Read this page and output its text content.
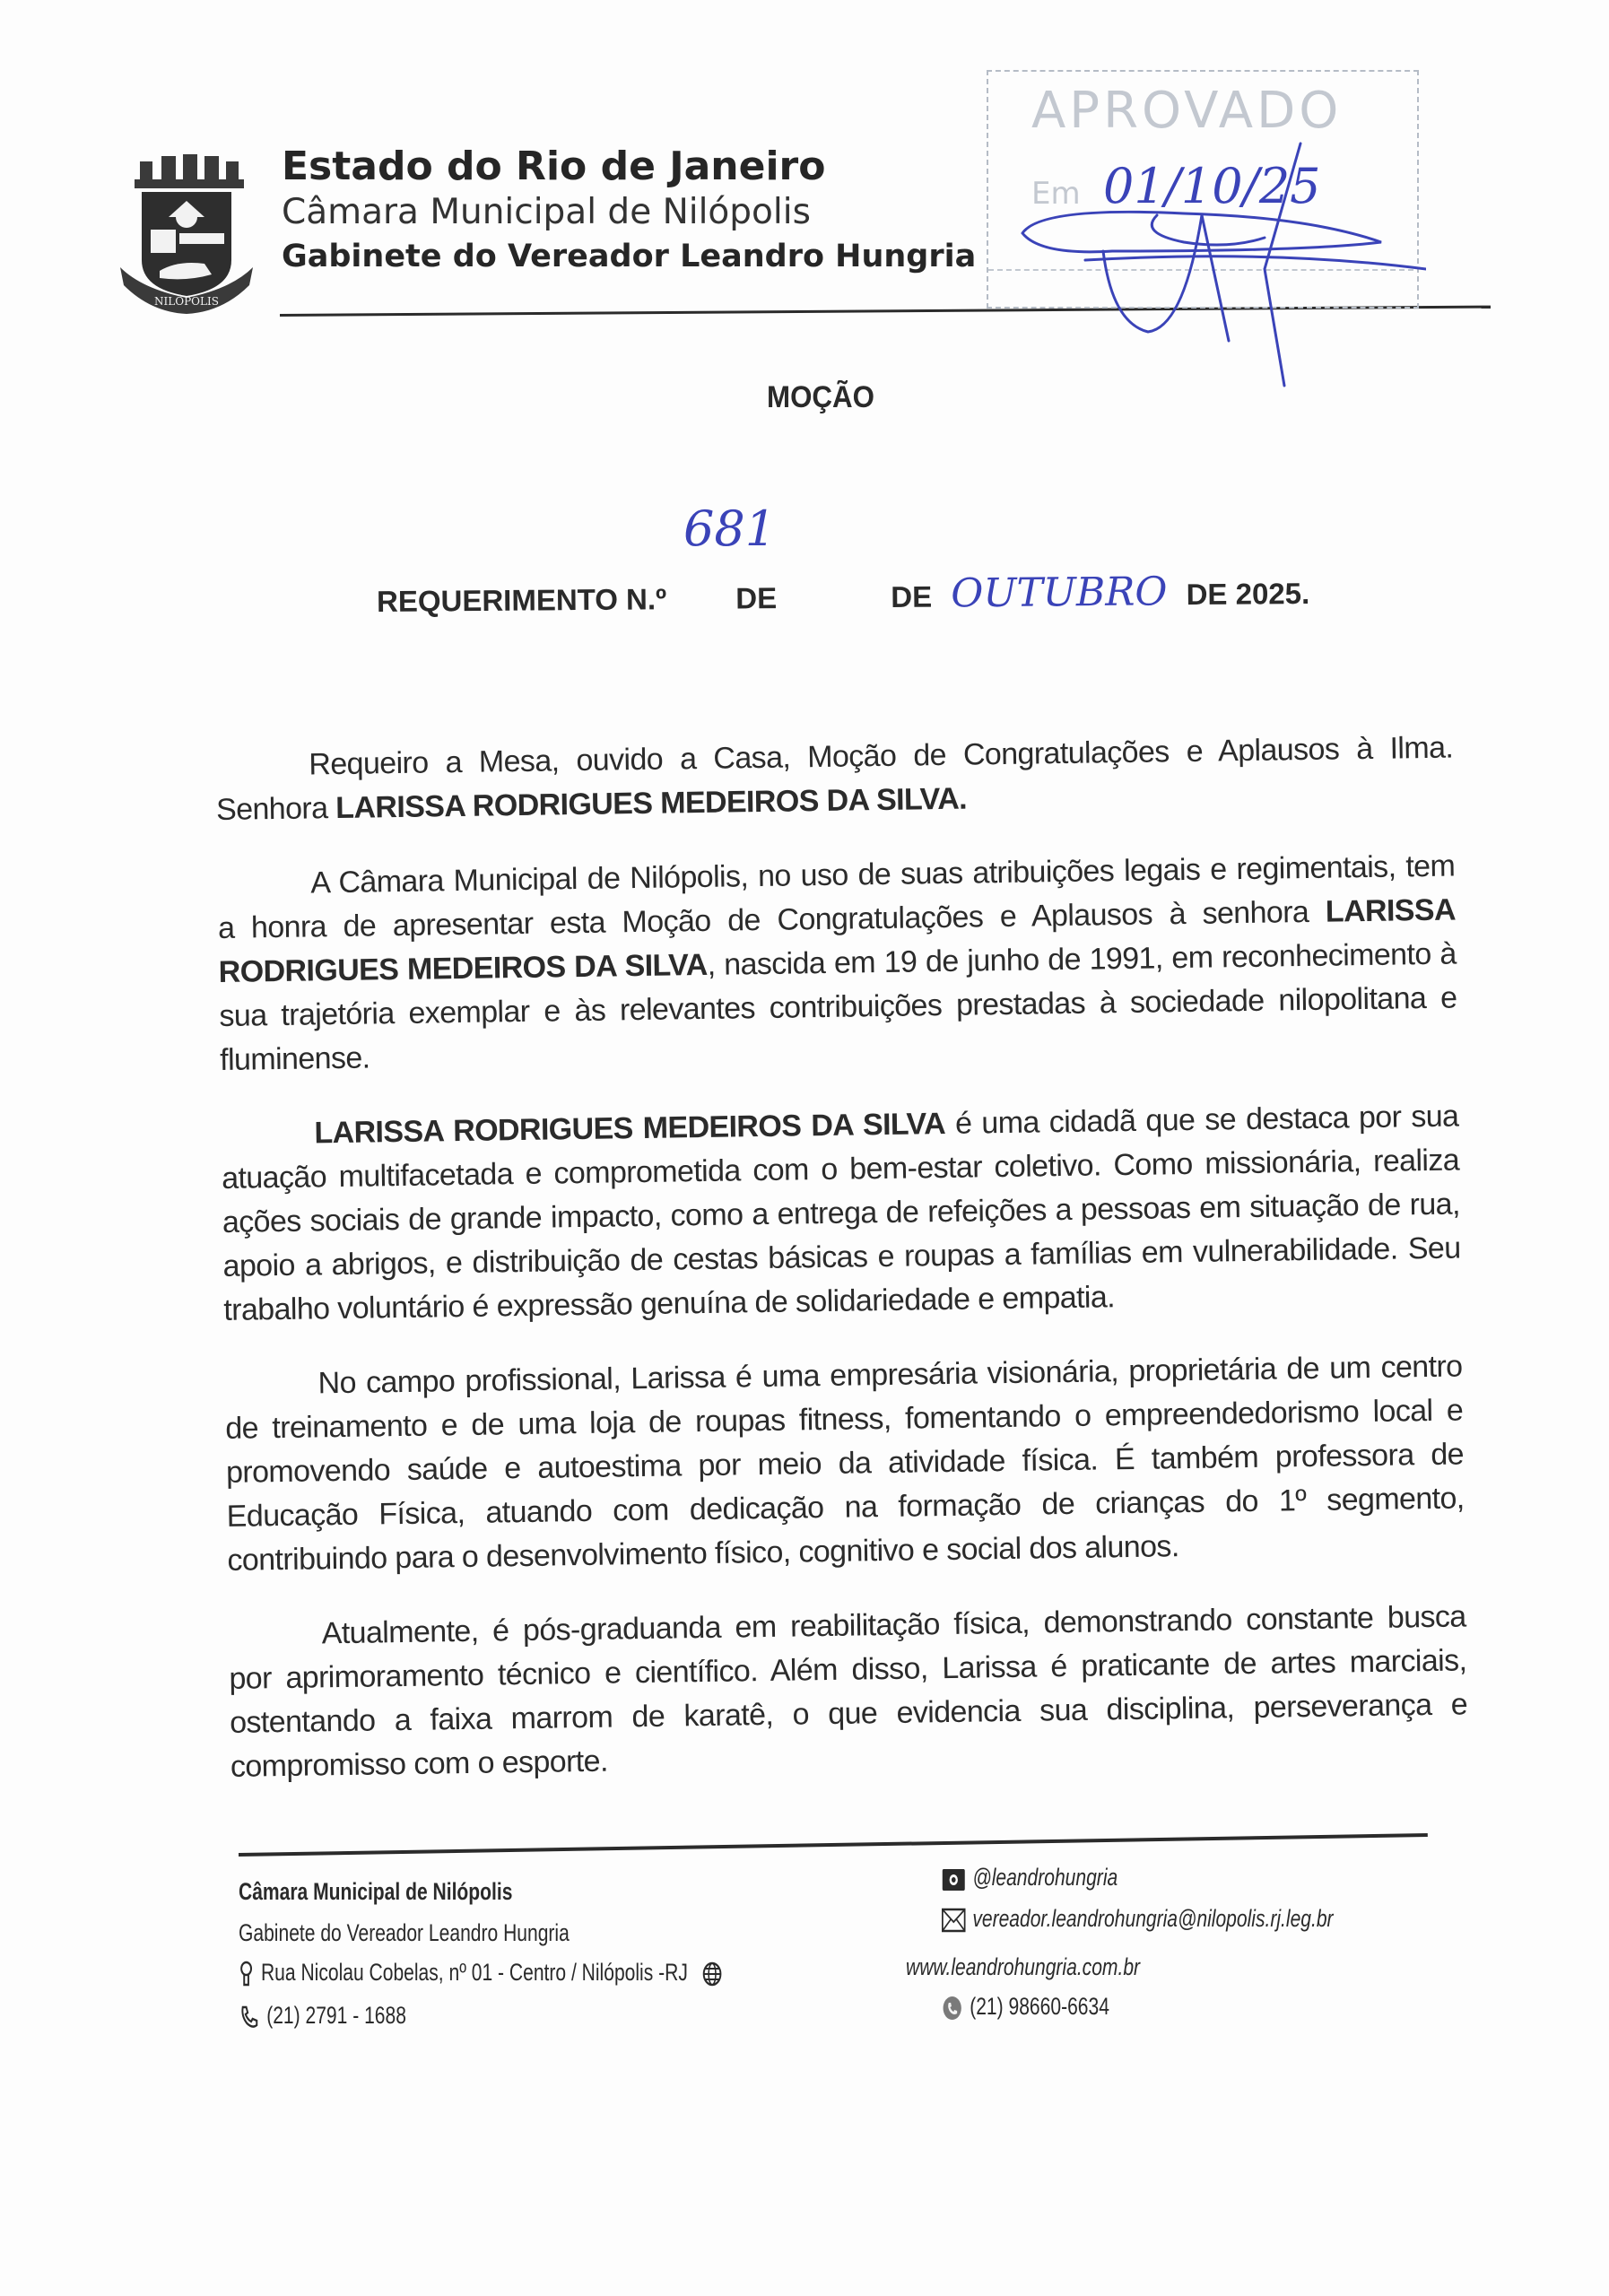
NILÓPOLIS
Estado do Rio de Janeiro
Câmara Municipal de Nilópolis
Gabinete do Vereador Leandro Hungria
APROVADO
Em 01/10/25
MOÇÃO
681
REQUERIMENTO N.º DE	DE OUTUBRO DE 2025.

Requeiro a Mesa, ouvido a Casa, Moção de Congratulações e Aplausos à Ilma. Senhora LARISSA RODRIGUES MEDEIROS DA SILVA.

A Câmara Municipal de Nilópolis, no uso de suas atribuições legais e regimentais, tem a honra de apresentar esta Moção de Congratulações e Aplausos à senhora LARISSA RODRIGUES MEDEIROS DA SILVA, nascida em 19 de junho de 1991, em reconhecimento à sua trajetória exemplar e às relevantes contribuições prestadas à sociedade nilopolitana e fluminense.

LARISSA RODRIGUES MEDEIROS DA SILVA é uma cidadã que se destaca por sua atuação multifacetada e comprometida com o bem-estar coletivo. Como missionária, realiza ações sociais de grande impacto, como a entrega de refeições a pessoas em situação de rua, apoio a abrigos, e distribuição de cestas básicas e roupas a famílias em vulnerabilidade. Seu trabalho voluntário é expressão genuína de solidariedade e empatia.

No campo profissional, Larissa é uma empresária visionária, proprietária de um centro de treinamento e de uma loja de roupas fitness, fomentando o empreendedorismo local e promovendo saúde e autoestima por meio da atividade física. É também professora de Educação Física, atuando com dedicação na formação de crianças do 1º segmento, contribuindo para o desenvolvimento físico, cognitivo e social dos alunos.

Atualmente, é pós-graduanda em reabilitação física, demonstrando constante busca por aprimoramento técnico e científico. Além disso, Larissa é praticante de artes marciais, ostentando a faixa marrom de karatê, o que evidencia sua disciplina, perseverança e compromisso com o esporte.

Câmara Municipal de Nilópolis
Gabinete do Vereador Leandro Hungria
Rua Nicolau Cobelas, nº 01 - Centro / Nilópolis -RJ
(21) 2791 - 1688
@leandrohungria
vereador.leandrohungria@nilopolis.rj.leg.br
www.leandrohungria.com.br
(21) 98660-6634
